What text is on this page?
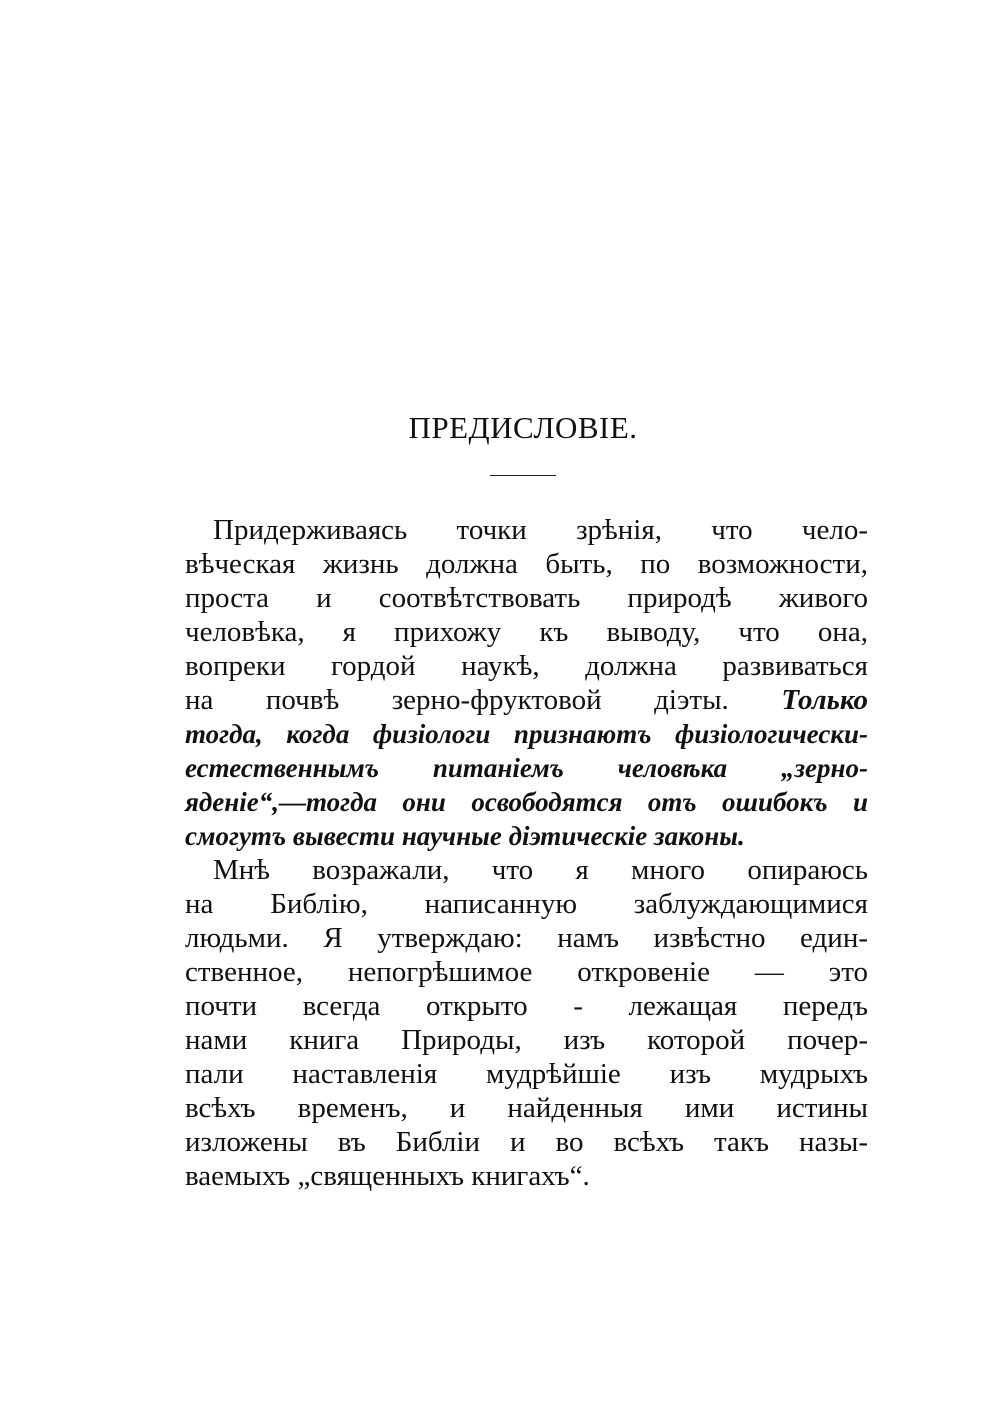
ПРЕДИСЛОВІЕ.
Придерживаясь точки зрѣнія, что чело-
вѣческая жизнь должна быть, по возможности,
проста и соотвѣтствовать природѣ живого
человѣка, я прихожу къ выводу, что она,
вопреки гордой наукѣ, должна развиваться
на почвѣ зерно-фруктовой діэты. Только
тогда, когда физіологи признаютъ физіологически-
естественнымъ питаніемъ человѣка „зерно-
яденіе“,—тогда они освободятся отъ ошибокъ и
смогутъ вывести научные діэтическіе законы.
Мнѣ возражали, что я много опираюсь
на Библію, написанную заблуждающимися
людьми. Я утверждаю: намъ извѣстно един-
ственное, непогрѣшимое откровеніе — это
почти всегда открыто - лежащая передъ
нами книга Природы, изъ которой почер-
пали наставленія мудрѣйшіе изъ мудрыхъ
всѣхъ временъ, и найденныя ими истины
изложены въ Библіи и во всѣхъ такъ назы-
ваемыхъ „священныхъ книгахъ“.
